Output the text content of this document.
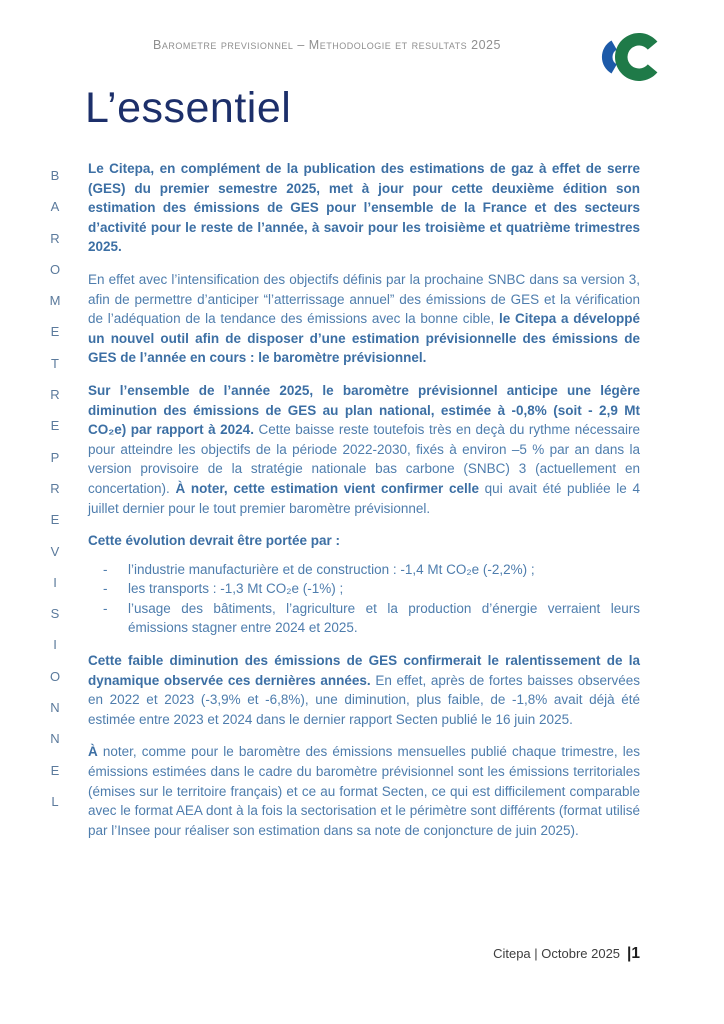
Barometre previsionnel – Methodologie et resultats 2025
L’essentiel
B
A
R
O
M
E
T
R
E
P
R
E
V
I
S
I
O
N
N
E
L

Le Citepa, en complément de la publication des estimations de gaz à effet de serre (GES) du premier semestre 2025, met à jour pour cette deuxième édition son estimation des émissions de GES pour l’ensemble de la France et des secteurs d’activité pour le reste de l’année, à savoir pour les troisième et quatrième trimestres 2025.

En effet avec l’intensification des objectifs définis par la prochaine SNBC dans sa version 3, afin de permettre d’anticiper “l’atterrissage annuel” des émissions de GES et la vérification de l’adéquation de la tendance des émissions avec la bonne cible, le Citepa a développé un nouvel outil afin de disposer d’une estimation prévisionnelle des émissions de GES de l’année en cours : le baromètre prévisionnel.

Sur l’ensemble de l’année 2025, le baromètre prévisionnel anticipe une légère diminution des émissions de GES au plan national, estimée à -0,8% (soit - 2,9 Mt CO₂e) par rapport à 2024. Cette baisse reste toutefois très en deçà du rythme nécessaire pour atteindre les objectifs de la période 2022-2030, fixés à environ –5 % par an dans la version provisoire de la stratégie nationale bas carbone (SNBC) 3 (actuellement en concertation). À noter, cette estimation vient confirmer celle qui avait été publiée le 4 juillet dernier pour le tout premier baromètre prévisionnel.

Cette évolution devrait être portée par :

-	l’industrie manufacturière et de construction : -1,4 Mt CO₂e (-2,2%) ;
-	les transports : -1,3 Mt CO₂e (-1%) ;
-	l’usage des bâtiments, l’agriculture et la production d’énergie verraient leurs émissions stagner entre 2024 et 2025.

Cette faible diminution des émissions de GES confirmerait le ralentissement de la dynamique observée ces dernières années. En effet, après de fortes baisses observées en 2022 et 2023 (-3,9% et -6,8%), une diminution, plus faible, de -1,8% avait déjà été estimée entre 2023 et 2024 dans le dernier rapport Secten publié le 16 juin 2025.

À noter, comme pour le baromètre des émissions mensuelles publié chaque trimestre, les émissions estimées dans le cadre du baromètre prévisionnel sont les émissions territoriales (émises sur le territoire français) et ce au format Secten, ce qui est difficilement comparable avec le format AEA dont à la fois la sectorisation et le périmètre sont différents (format utilisé par l’Insee pour réaliser son estimation dans sa note de conjoncture de juin 2025).

Citepa | Octobre 2025 |1
